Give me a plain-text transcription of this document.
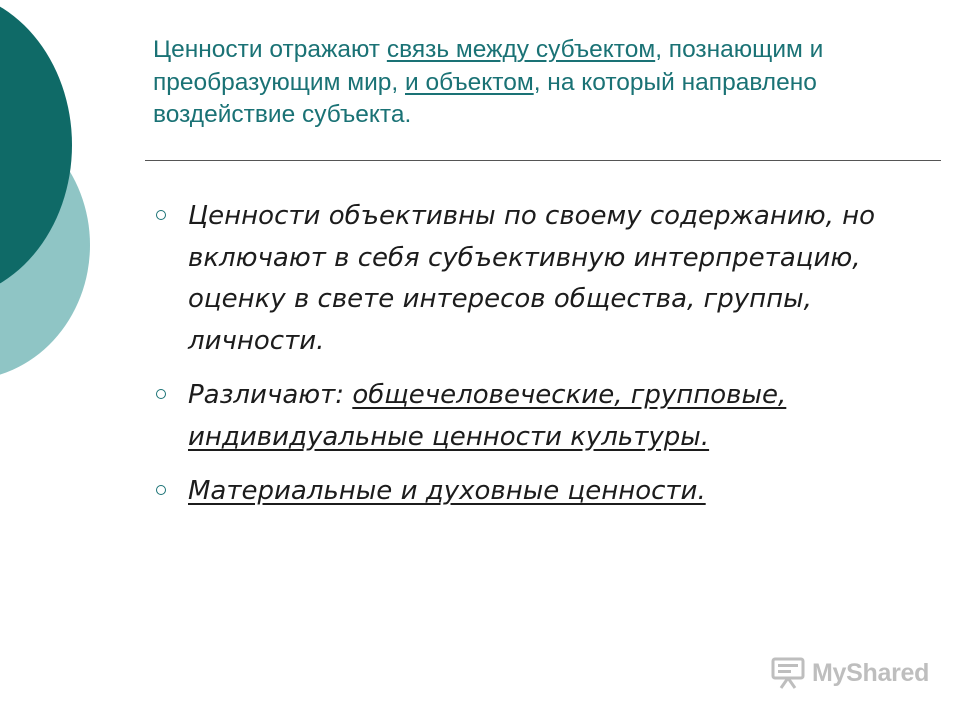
Ценности отражают связь между субъектом, познающим и преобразующим мир, и объектом, на который направлено воздействие субъекта.
Ценности объективны по своему содержанию, но включают в себя субъективную интерпретацию, оценку в свете интересов общества, группы, личности.
Различают: общечеловеческие, групповые, индивидуальные ценности культуры.
Материальные и духовные ценности.
MyShared
